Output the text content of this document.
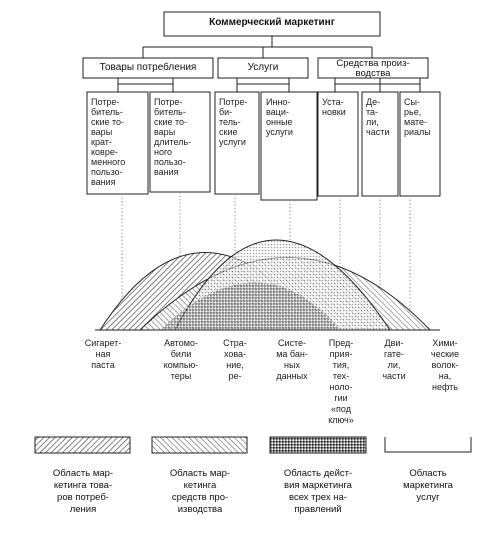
Коммерческий маркетинг
Товары потребления	Услуги	Средства произ-
водства
Потре-
битель-
ские то-
вары
крат-
ковре-
менного
пользо-
вания
Потре-
битель-
ские то-
вары
длитель-
ного
пользо-
вания
Потре-
би-
тель-
ские
услуги
Инно-
ваци-
онные
услуги
Уста-
новки
Де-
та-
ли,
части
Сы-
рье,
мате-
риалы
Сигарет-
ная
паста
Автомо-
били
компью-
теры
Стра-
хова-
ние,
ре-
Систе-
ма бан-
ных
данных
Пред-
прия-
тия,
тех-
ноло-
гии
«под
ключ»
Дви-
гате-
ли,
части
Хими-
ческие
волок-
на,
нефть
Область мар-
кетинга това-
ров потреб-
ления
Область мар-
кетинга
средств про-
изводства
Область дейст-
вия маркетинга
всех трех на-
правлений
Область
маркетинга
услуг
